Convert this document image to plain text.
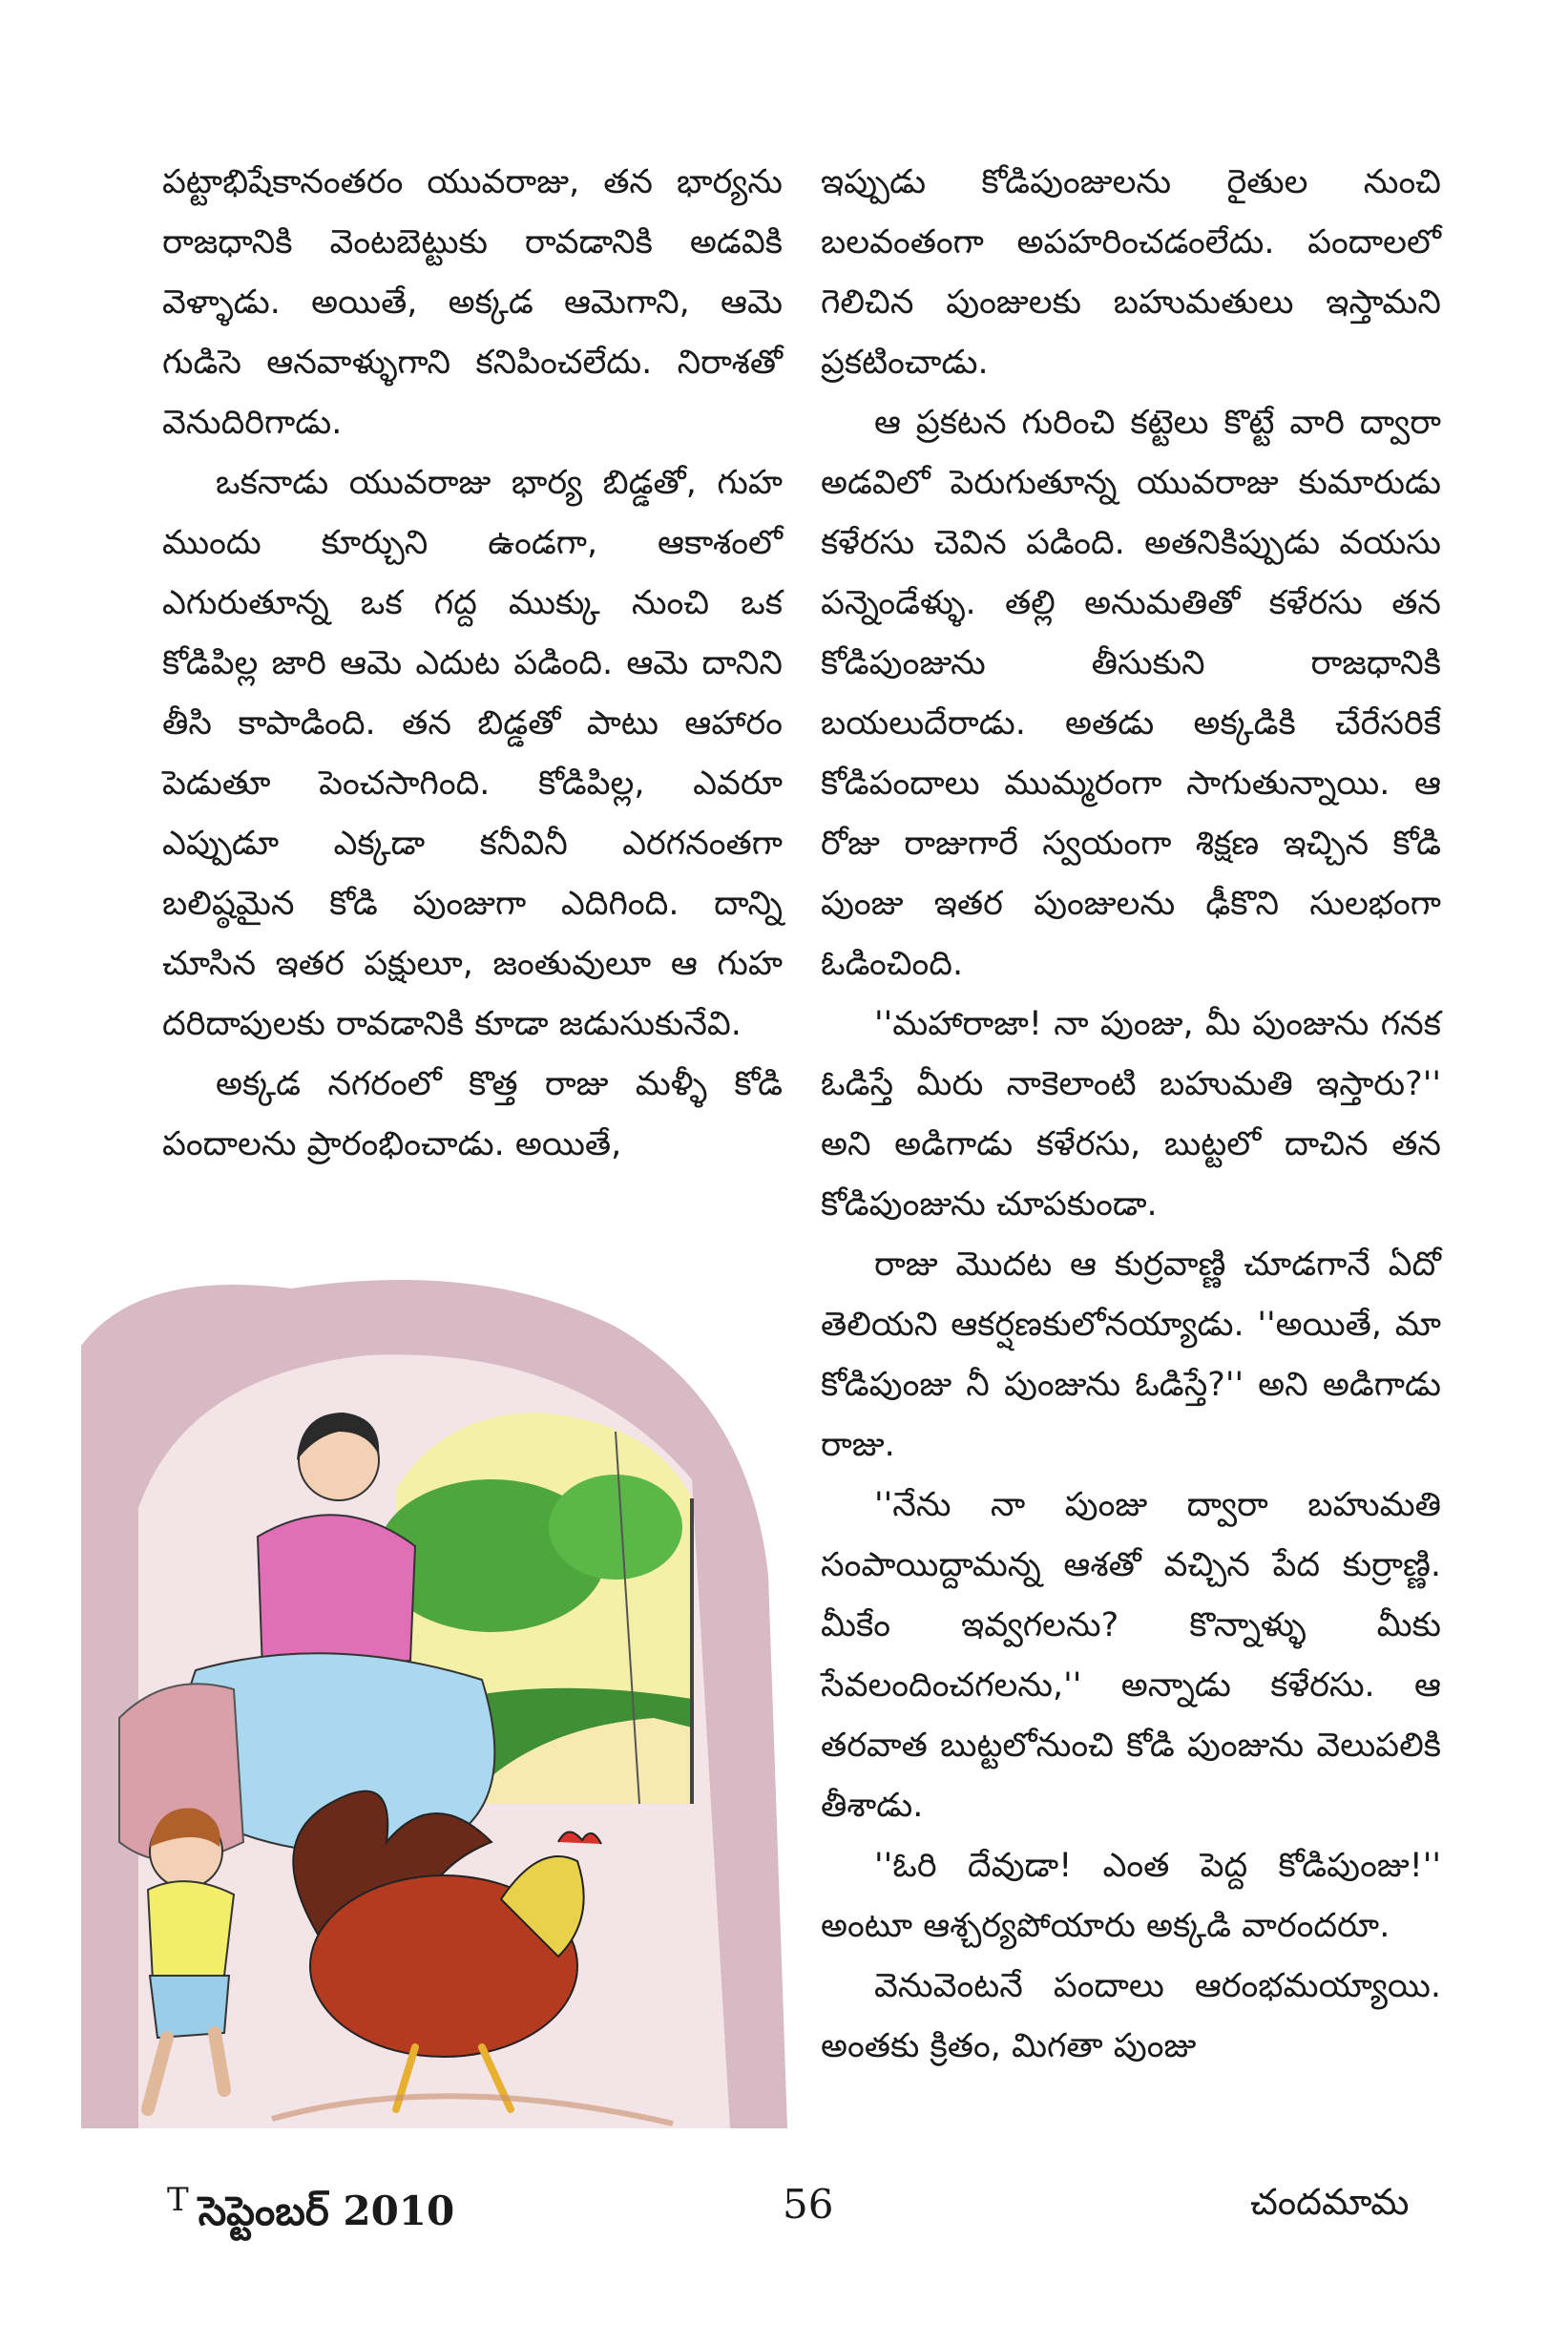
పట్టాభిషేకానంతరం యువరాజు, తన భార్యను రాజధానికి వెంటబెట్టుకు రావడానికి అడవికి వెళ్ళాడు. అయితే, అక్కడ ఆమెగాని, ఆమె గుడిసె ఆనవాళ్ళుగాని కనిపించలేదు. నిరాశతో వెనుదిరిగాడు.

ఒకనాడు యువరాజు భార్య బిడ్డతో, గుహ ముందు కూర్చుని ఉండగా, ఆకాశంలో ఎగురుతూన్న ఒక గద్ద ముక్కు నుంచి ఒక కోడిపిల్ల జారి ఆమె ఎదుట పడింది. ఆమె దానిని తీసి కాపాడింది. తన బిడ్డతో పాటు ఆహారం పెడుతూ పెంచసాగింది. కోడిపిల్ల, ఎవరూ ఎప్పుడూ ఎక్కడా కనీవినీ ఎరగనంతగా బలిష్ఠమైన కోడి పుంజుగా ఎదిగింది. దాన్ని చూసిన ఇతర పక్షులూ, జంతువులూ ఆ గుహ దరిదాపులకు రావడానికి కూడా జడుసుకునేవి.

అక్కడ నగరంలో కొత్త రాజు మళ్ళీ కోడి పందాలను ప్రారంభించాడు. అయితే,

ఇప్పుడు కోడిపుంజులను రైతుల నుంచి బలవంతంగా అపహరించడంలేదు. పందాలలో గెలిచిన పుంజులకు బహుమతులు ఇస్తామని ప్రకటించాడు.

ఆ ప్రకటన గురించి కట్టెలు కొట్టే వారి ద్వారా అడవిలో పెరుగుతూన్న యువరాజు కుమారుడు కళేరసు చెవిన పడింది. అతనికిప్పుడు వయసు పన్నెండేళ్ళు. తల్లి అనుమతితో కళేరసు తన కోడిపుంజును తీసుకుని రాజధానికి బయలుదేరాడు. అతడు అక్కడికి చేరేసరికే కోడిపందాలు ముమ్మరంగా సాగుతున్నాయి. ఆ రోజు రాజుగారే స్వయంగా శిక్షణ ఇచ్చిన కోడి పుంజు ఇతర పుంజులను ఢీకొని సులభంగా ఓడించింది.

''మహారాజా! నా పుంజు, మీ పుంజును గనక ఓడిస్తే మీరు నాకెలాంటి బహుమతి ఇస్తారు?'' అని అడిగాడు కళేరసు, బుట్టలో దాచిన తన కోడిపుంజును చూపకుండా.

రాజు మొదట ఆ కుర్రవాణ్ణి చూడగానే ఏదో తెలియని ఆకర్షణకులోనయ్యాడు. ''అయితే, మా కోడిపుంజు నీ పుంజును ఓడిస్తే?'' అని అడిగాడు రాజు.

''నేను నా పుంజు ద్వారా బహుమతి సంపాయిద్దామన్న ఆశతో వచ్చిన పేద కుర్రాణ్ణి. మీకేం ఇవ్వగలను? కొన్నాళ్ళు మీకు సేవలందించగలను,'' అన్నాడు కళేరసు. ఆ తరవాత బుట్టలోనుంచి కోడి పుంజును వెలుపలికి తీశాడు.

''ఓరి దేవుడా! ఎంత పెద్ద కోడిపుంజు!'' అంటూ ఆశ్చర్యపోయారు అక్కడి వారందరూ.

వెనువెంటనే పందాలు ఆరంభమయ్యాయి. అంతకు క్రితం, మిగతా పుంజు

$^T$ సెప్టెంబర్ 2010	56	చందమామ
